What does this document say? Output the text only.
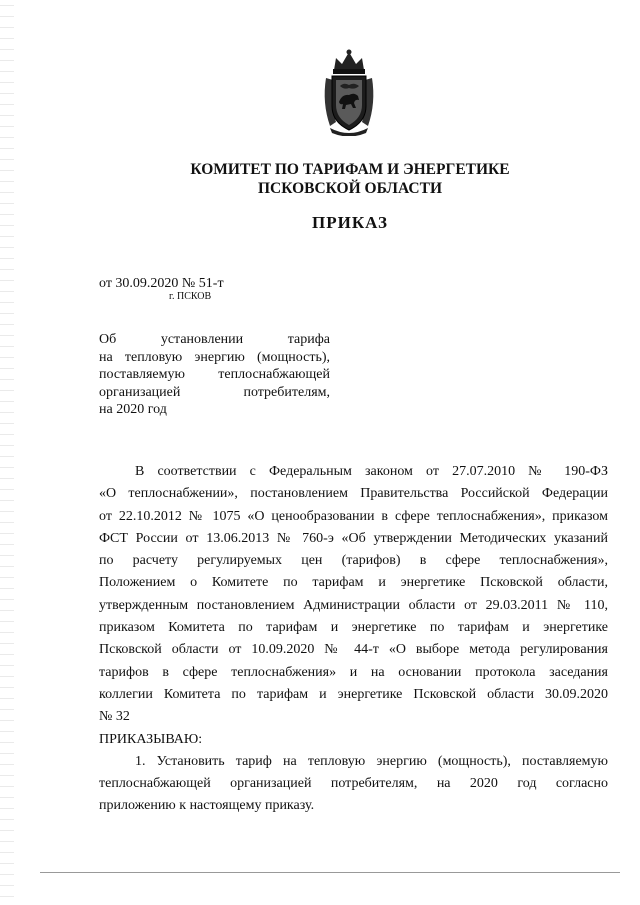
КОМИТЕТ ПО ТАРИФАМ И ЭНЕРГЕТИКЕ
ПСКОВСКОЙ ОБЛАСТИ
ПРИКАЗ
от 30.09.2020 № 51-т
г. ПСКОВ
Об установлении тарифа
на тепловую энергию (мощность),
поставляемую теплоснабжающей
организацией потребителям,
на 2020 год
В соответствии с Федеральным законом от 27.07.2010 № 190-ФЗ
«О теплоснабжении», постановлением Правительства Российской Федерации
от 22.10.2012 № 1075 «О ценообразовании в сфере теплоснабжения», приказом
ФСТ России от 13.06.2013 № 760-э «Об утверждении Методических указаний
по расчету регулируемых цен (тарифов) в сфере теплоснабжения»,
Положением о Комитете по тарифам и энергетике Псковской области,
утвержденным постановлением Администрации области от 29.03.2011 № 110,
приказом Комитета по тарифам и энергетике по тарифам и энергетике
Псковской области от 10.09.2020 № 44-т «О выборе метода регулирования
тарифов в сфере теплоснабжения» и на основании протокола заседания
коллегии Комитета по тарифам и энергетике Псковской области 30.09.2020
№ 32
ПРИКАЗЫВАЮ:
1. Установить тариф на тепловую энергию (мощность), поставляемую
теплоснабжающей организацией потребителям, на 2020 год согласно
приложению к настоящему приказу.
